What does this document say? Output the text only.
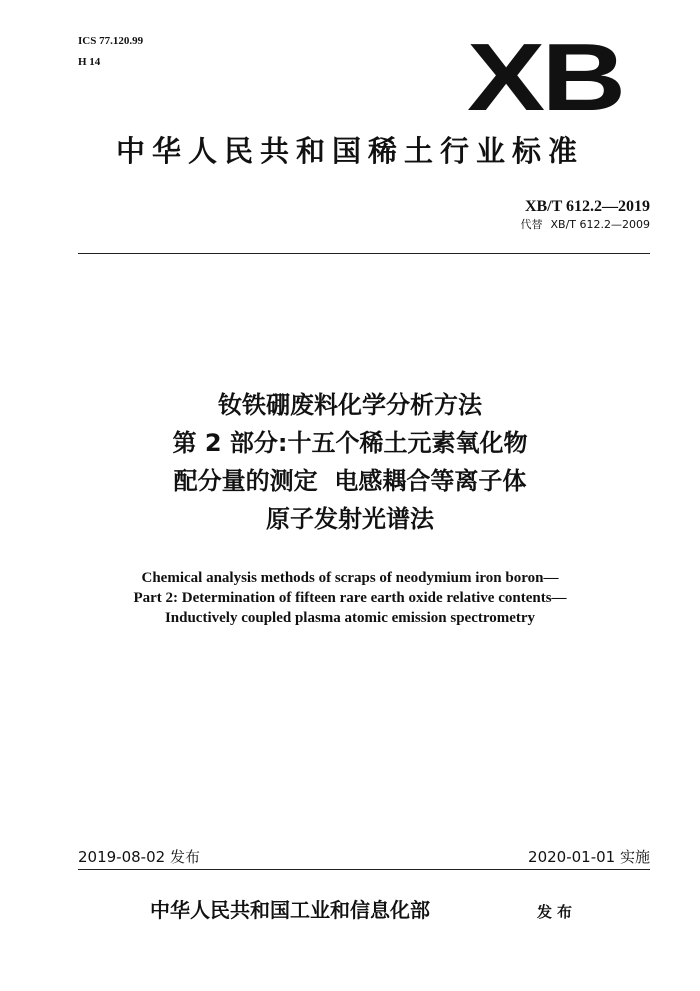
ICS 77.120.99
H 14	XB
中华人民共和国稀土行业标准
XB/T 612.2—2019
代替 XB/T 612.2—2009
钕铁硼废料化学分析方法
第 2 部分:十五个稀土元素氧化物
配分量的测定  电感耦合等离子体
原子发射光谱法
Chemical analysis methods of scraps of neodymium iron boron—
Part 2: Determination of fifteen rare earth oxide relative contents—
Inductively coupled plasma atomic emission spectrometry
2019-08-02 发布	2020-01-01 实施
中华人民共和国工业和信息化部	发布
